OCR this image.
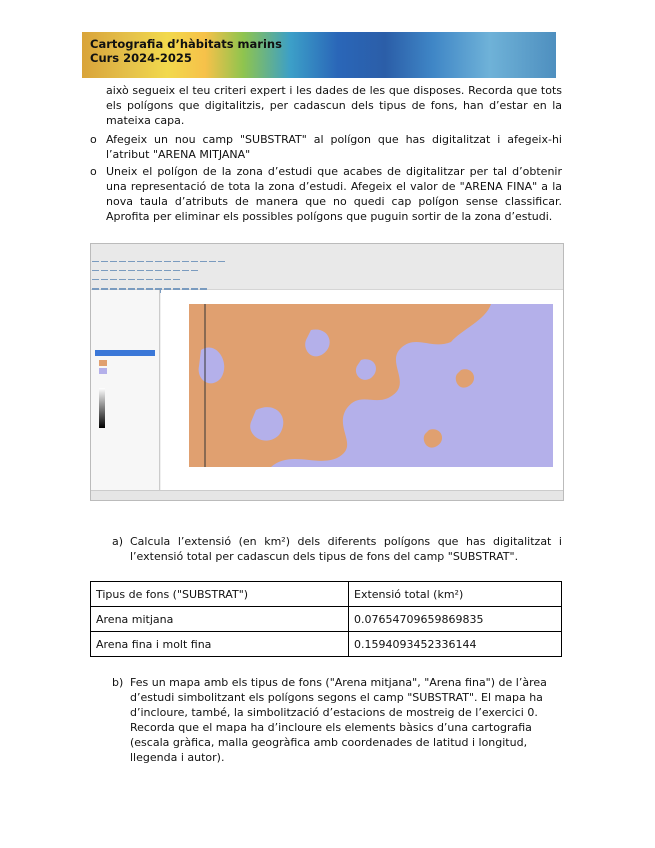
Cartografia d’hàbitats marins
Curs 2024-2025
això segueix el teu criteri expert i les dades de les que disposes. Recorda que tots els polígons que digitalitzis, per cadascun dels tipus de fons, han d’estar en la mateixa capa.
o Afegeix un nou camp "SUBSTRAT" al polígon que has digitalitzat i afegeix-hi l’atribut "ARENA MITJANA"
o Uneix el polígon de la zona d’estudi que acabes de digitalitzar per tal d’obtenir una representació de tota la zona d’estudi. Afegeix el valor de "ARENA FINA" a la nova taula d’atributs de manera que no quedi cap polígon sense classificar. Aprofita per eliminar els possibles polígons que puguin sortir de la zona d’estudi.
a) Calcula l’extensió (en km²) dels diferents polígons que has digitalitzat i l’extensió total per cadascun dels tipus de fons del camp "SUBSTRAT".
Tipus de fons ("SUBSTRAT")	Extensió total (km²)
Arena mitjana	0.07654709659869835
Arena fina i molt fina	0.1594093452336144
b) Fes un mapa amb els tipus de fons ("Arena mitjana", "Arena fina") de l’àrea d’estudi simbolitzant els polígons segons el camp "SUBSTRAT". El mapa ha d’incloure, també, la simbolització d’estacions de mostreig de l’exercici 0. Recorda que el mapa ha d’incloure els elements bàsics d’una cartografia (escala gràfica, malla geogràfica amb coordenades de latitud i longitud, llegenda i autor).
